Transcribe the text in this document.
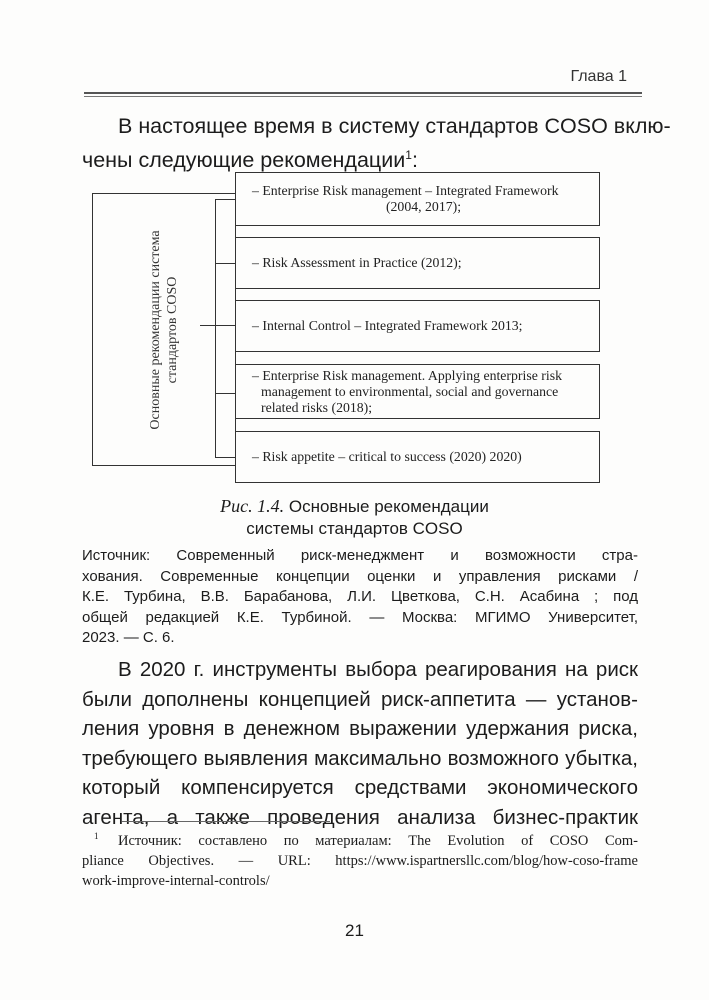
Глава 1
В настоящее время в систему стандартов COSO вклю-
чены следующие рекомендации$^1$:
Основные рекомендации система стандартов COSO
– Enterprise Risk management – Integrated Framework
(2004, 2017);
– Risk Assessment in Practice (2012);
– Internal Control – Integrated Framework 2013;
– Enterprise Risk management. Applying enterprise risk
management to environmental, social and governance
related risks (2018);
– Risk appetite – critical to success (2020) 2020)
Рис. 1.4. Основные рекомендации
системы стандартов COSO
Источник: Современный риск-менеджмент и возможности стра-
хования. Современные концепции оценки и управления рисками /
К.Е. Турбина, В.В. Барабанова, Л.И. Цветкова, С.Н. Асабина ; под
общей редакцией К.Е. Турбиной. — Москва: МГИМО Университет,
2023. — С. 6.
В 2020 г. инструменты выбора реагирования на риск
были дополнены концепцией риск-аппетита — установ-
ления уровня в денежном выражении удержания риска,
требующего выявления максимально возможного убытка,
который компенсируется средствами экономического
агента, а также проведения анализа бизнес-практик
1	Источник: составлено по материалам: The Evolution of COSO Com-
pliance Objectives. — URL: https://www.ispartnersllc.com/blog/how-coso-frame
work-improve-internal-controls/
21
